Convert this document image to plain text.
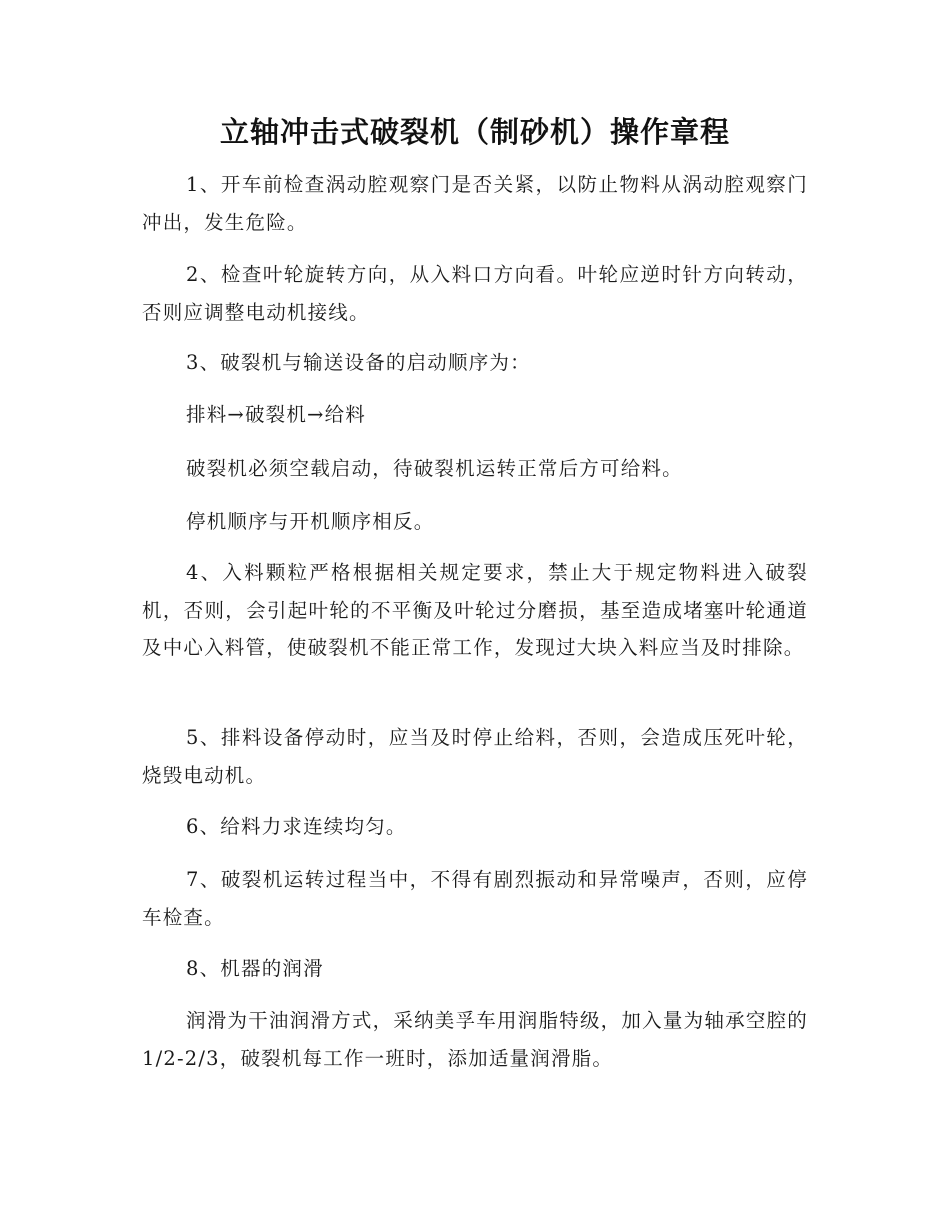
立轴冲击式破裂机（制砂机）操作章程

1、开车前检查涡动腔观察门是否关紧，以防止物料从涡动腔观察门冲出，发生危险。

2、检查叶轮旋转方向，从入料口方向看。叶轮应逆时针方向转动，否则应调整电动机接线。

3、破裂机与输送设备的启动顺序为：

排料→破裂机→给料

破裂机必须空载启动，待破裂机运转正常后方可给料。

停机顺序与开机顺序相反。

4、入料颗粒严格根据相关规定要求，禁止大于规定物料进入破裂机，否则，会引起叶轮的不平衡及叶轮过分磨损，基至造成堵塞叶轮通道及中心入料管，使破裂机不能正常工作，发现过大块入料应当及时排除。

5、排料设备停动时，应当及时停止给料，否则，会造成压死叶轮，烧毁电动机。

6、给料力求连续均匀。

7、破裂机运转过程当中，不得有剧烈振动和异常噪声，否则，应停车检查。

8、机器的润滑

润滑为干油润滑方式，采纳美孚车用润脂特级，加入量为轴承空腔的1/2-2/3，破裂机每工作一班时，添加适量润滑脂。
